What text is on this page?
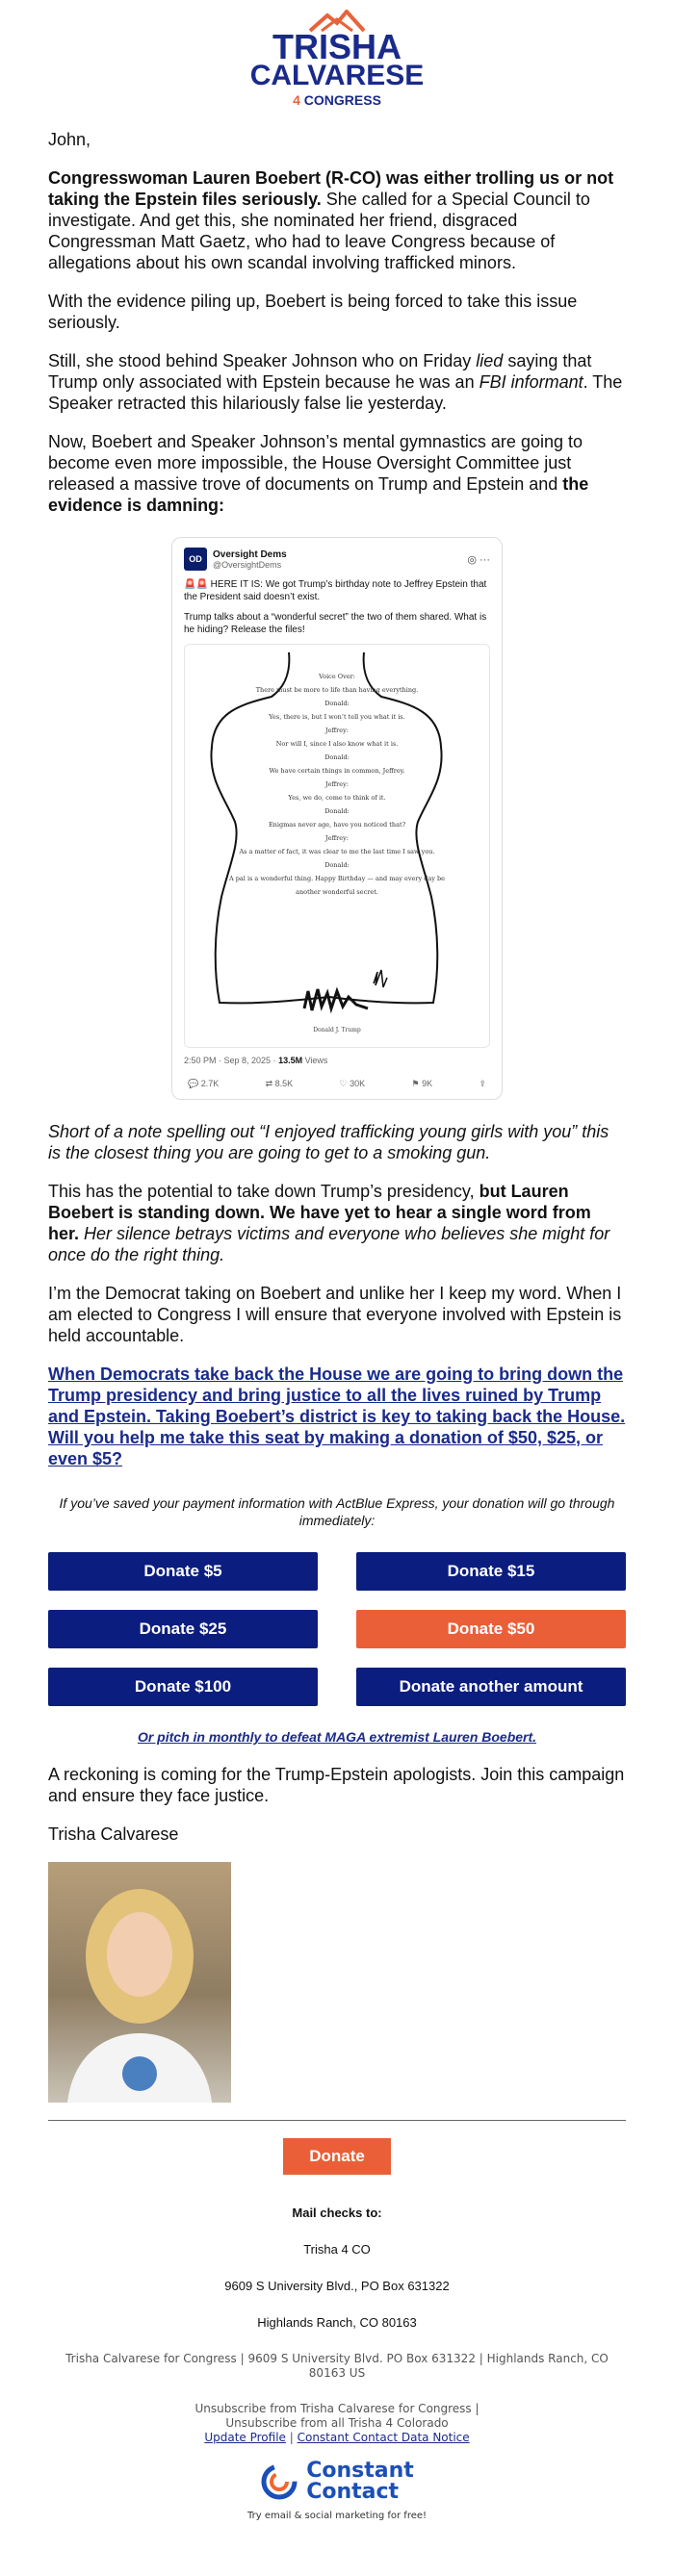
TRISHA
CALVARESE
4 CONGRESS

John,

Congresswoman Lauren Boebert (R-CO) was either trolling us or not taking the Epstein files seriously. She called for a Special Council to investigate. And get this, she nominated her friend, disgraced Congressman Matt Gaetz, who had to leave Congress because of allegations about his own scandal involving trafficked minors.

With the evidence piling up, Boebert is being forced to take this issue seriously.

Still, she stood behind Speaker Johnson who on Friday lied saying that Trump only associated with Epstein because he was an FBI informant. The Speaker retracted this hilariously false lie yesterday.

Now, Boebert and Speaker Johnson’s mental gymnastics are going to become even more impossible, the House Oversight Committee just released a massive trove of documents on Trump and Epstein and the evidence is damning:

OD	Oversight Dems
@OversightDems	◎ ···
🚨🚨 HERE IT IS: We got Trump’s birthday note to Jeffrey Epstein that the President said doesn’t exist.
Trump talks about a “wonderful secret” the two of them shared. What is he hiding? Release the files!
Voice Over:
There must be more to life than having everything.
Donald:
Yes, there is, but I won’t tell you what it is.
Jeffrey:
Nor will I, since I also know what it is.
Donald:
We have certain things in common, Jeffrey.
Jeffrey:
Yes, we do, come to think of it.
Donald:
Enigmas never age, have you noticed that?
Jeffrey:
As a matter of fact, it was clear to me the last time I saw you.
Donald:
A pal is a wonderful thing. Happy Birthday — and may every day be another wonderful secret.
Donald J. Trump
2:50 PM · Sep 8, 2025 · 13.5M Views
💬 2.7K	⇄ 8.5K	♡ 30K	⚑ 9K	⇪

Short of a note spelling out “I enjoyed trafficking young girls with you” this is the closest thing you are going to get to a smoking gun.

This has the potential to take down Trump’s presidency, but Lauren Boebert is standing down. We have yet to hear a single word from her. Her silence betrays victims and everyone who believes she might for once do the right thing.

I’m the Democrat taking on Boebert and unlike her I keep my word. When I am elected to Congress I will ensure that everyone involved with Epstein is held accountable.

When Democrats take back the House we are going to bring down the Trump presidency and bring justice to all the lives ruined by Trump and Epstein. Taking Boebert’s district is key to taking back the House. Will you help me take this seat by making a donation of $50, $25, or even $5?

If you’ve saved your payment information with ActBlue Express, your donation will go through immediately:
Donate $5	Donate $15
Donate $25	Donate $50
Donate $100	Donate another amount
Or pitch in monthly to defeat MAGA extremist Lauren Boebert.

A reckoning is coming for the Trump-Epstein apologists. Join this campaign and ensure they face justice.

Trisha Calvarese

Donate
Mail checks to:
Trisha 4 CO
9609 S University Blvd., PO Box 631322
Highlands Ranch, CO 80163
Trisha Calvarese for Congress | 9609 S University Blvd. PO Box 631322 | Highlands Ranch, CO 80163 US
Unsubscribe from Trisha Calvarese for Congress |
Unsubscribe from all Trisha 4 Colorado
Update Profile | Constant Contact Data Notice
Constant
Contact
Try email & social marketing for free!
